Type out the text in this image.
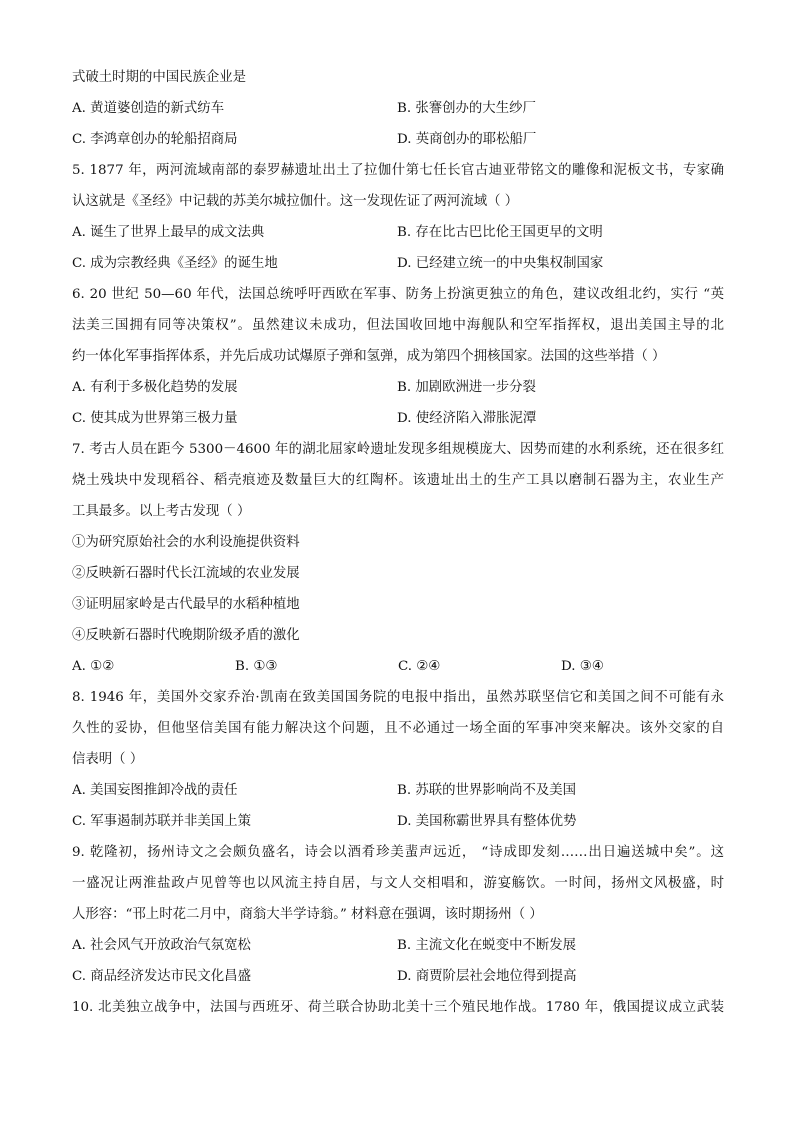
式破土时期的中国民族企业是
A. 黄道婆创造的新式纺车	B. 张謇创办的大生纱厂
C. 李鸿章创办的轮船招商局	D. 英商创办的耶松船厂
5. 1877 年，两河流域南部的泰罗赫遗址出土了拉伽什第七任长官古迪亚带铭文的雕像和泥板文书，专家确
认这就是《圣经》中记载的苏美尔城拉伽什。这一发现佐证了两河流域（ ）
A. 诞生了世界上最早的成文法典	B. 存在比古巴比伦王国更早的文明
C. 成为宗教经典《圣经》的诞生地	D. 已经建立统一的中央集权制国家
6. 20 世纪 50—60 年代，法国总统呼吁西欧在军事、防务上扮演更独立的角色，建议改组北约，实行 “英
法美三国拥有同等决策权”。虽然建议未成功，但法国收回地中海舰队和空军指挥权，退出美国主导的北
约一体化军事指挥体系，并先后成功试爆原子弹和氢弹，成为第四个拥核国家。法国的这些举措（ ）
A. 有利于多极化趋势的发展	B. 加剧欧洲进一步分裂
C. 使其成为世界第三极力量	D. 使经济陷入滞胀泥潭
7. 考古人员在距今 5300－4600 年的湖北屈家岭遗址发现多组规模庞大、因势而建的水利系统，还在很多红
烧土残块中发现稻谷、稻壳痕迹及数量巨大的红陶杯。该遗址出土的生产工具以磨制石器为主，农业生产
工具最多。以上考古发现（ ）
①为研究原始社会的水利设施提供资料
②反映新石器时代长江流域的农业发展
③证明屈家岭是古代最早的水稻种植地
④反映新石器时代晚期阶级矛盾的激化
A. ①②	B. ①③	C. ②④	D. ③④
8. 1946 年，美国外交家乔治·凯南在致美国国务院的电报中指出，虽然苏联坚信它和美国之间不可能有永
久性的妥协，但他坚信美国有能力解决这个问题，且不必通过一场全面的军事冲突来解决。该外交家的自
信表明（ ）
A. 美国妄图推卸冷战的责任	B. 苏联的世界影响尚不及美国
C. 军事遏制苏联并非美国上策	D. 美国称霸世界具有整体优势
9. 乾隆初，扬州诗文之会颇负盛名，诗会以酒肴珍美蜚声远近， “诗成即发刻……出日遍送城中矣”。这
一盛况让两淮盐政卢见曾等也以风流主持自居，与文人交相唱和，游宴觞饮。一时间，扬州文风极盛，时
人形容：“邗上时花二月中，商翁大半学诗翁。” 材料意在强调，该时期扬州（ ）
A. 社会风气开放政治气氛宽松	B. 主流文化在蜕变中不断发展
C. 商品经济发达市民文化昌盛	D. 商贾阶层社会地位得到提高
10. 北美独立战争中，法国与西班牙、荷兰联合协助北美十三个殖民地作战。1780 年，俄国提议成立武装
